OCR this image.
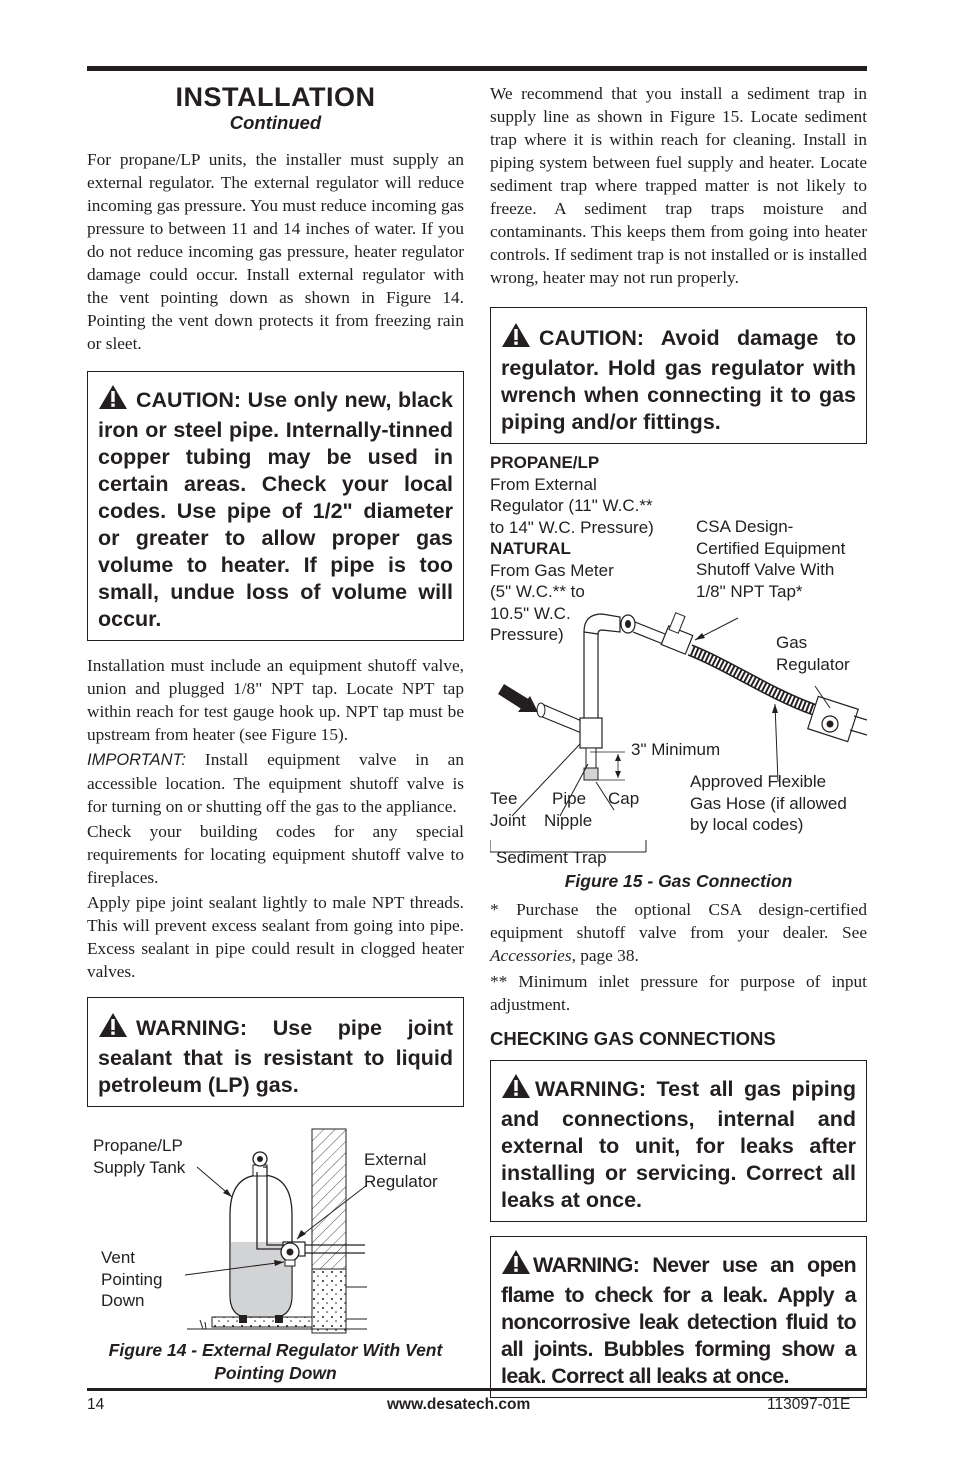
INSTALLATION

Continued

For propane/LP units, the installer must supply an external regulator. The external regulator will reduce incoming gas pressure. You must reduce incoming gas pressure to between 11 and 14 inches of water. If you do not reduce incoming gas pressure, heater regulator damage could occur. Install external regulator with the vent pointing down as shown in Figure 14. Pointing the vent down protects it from freezing rain or sleet.

CAUTION: Use only new, black iron or steel pipe. Internally-tinned copper tubing may be used in certain areas. Check your local codes. Use pipe of 1/2" diameter or greater to allow proper gas volume to heater. If pipe is too small, undue loss of volume will occur.

Installation must include an equipment shutoff valve, union and plugged 1/8" NPT tap. Locate NPT tap within reach for test gauge hook up. NPT tap must be upstream from heater (see Figure 15).

IMPORTANT: Install equipment valve in an accessible location. The equipment shutoff valve is for turning on or shutting off the gas to the appliance.

Check your building codes for any special requirements for locating equipment shutoff valve to fireplaces.

Apply pipe joint sealant lightly to male NPT threads. This will prevent excess sealant from going into pipe. Excess sealant in pipe could result in clogged heater valves.

WARNING: Use pipe joint sealant that is resistant to liquid petroleum (LP) gas.

Propane/LP
Supply Tank	External
Regulator

Vent
Pointing
Down

Figure 14 - External Regulator With Vent
Pointing Down

We recommend that you install a sediment trap in supply line as shown in Figure 15. Locate sediment trap where it is within reach for cleaning. Install in piping system between fuel supply and heater. Locate sediment trap where trapped matter is not likely to freeze. A sediment trap traps moisture and contaminants. This keeps them from going into heater controls. If sediment trap is not installed or is installed wrong, heater may not run properly.

CAUTION: Avoid damage to regulator. Hold gas regulator with wrench when connecting it to gas piping and/or fittings.

PROPANE/LP
From External
Regulator (11" W.C.**
to 14" W.C. Pressure)
NATURAL
From Gas Meter
(5" W.C.** to
10.5" W.C.
Pressure)

CSA Design-
Certified Equipment
Shutoff Valve With
1/8" NPT Tap*

Gas
Regulator

3" Minimum

Approved Flexible
Gas Hose (if allowed
by local codes)

Tee
Joint

Pipe
Nipple

Cap

Sediment Trap

Figure 15 - Gas Connection

* Purchase the optional CSA design-certified equipment shutoff valve from your dealer. See Accessories, page 38.

** Minimum inlet pressure for purpose of input adjustment.

CHECKING GAS CONNECTIONS

WARNING: Test all gas piping and connections, internal and external to unit, for leaks after installing or servicing. Correct all leaks at once.
WARNING: Never use an open flame to check for a leak. Apply a noncorrosive leak detection fluid to all joints. Bubbles forming show a leak. Correct all leaks at once.
14	www.desatech.com	113097-01E
